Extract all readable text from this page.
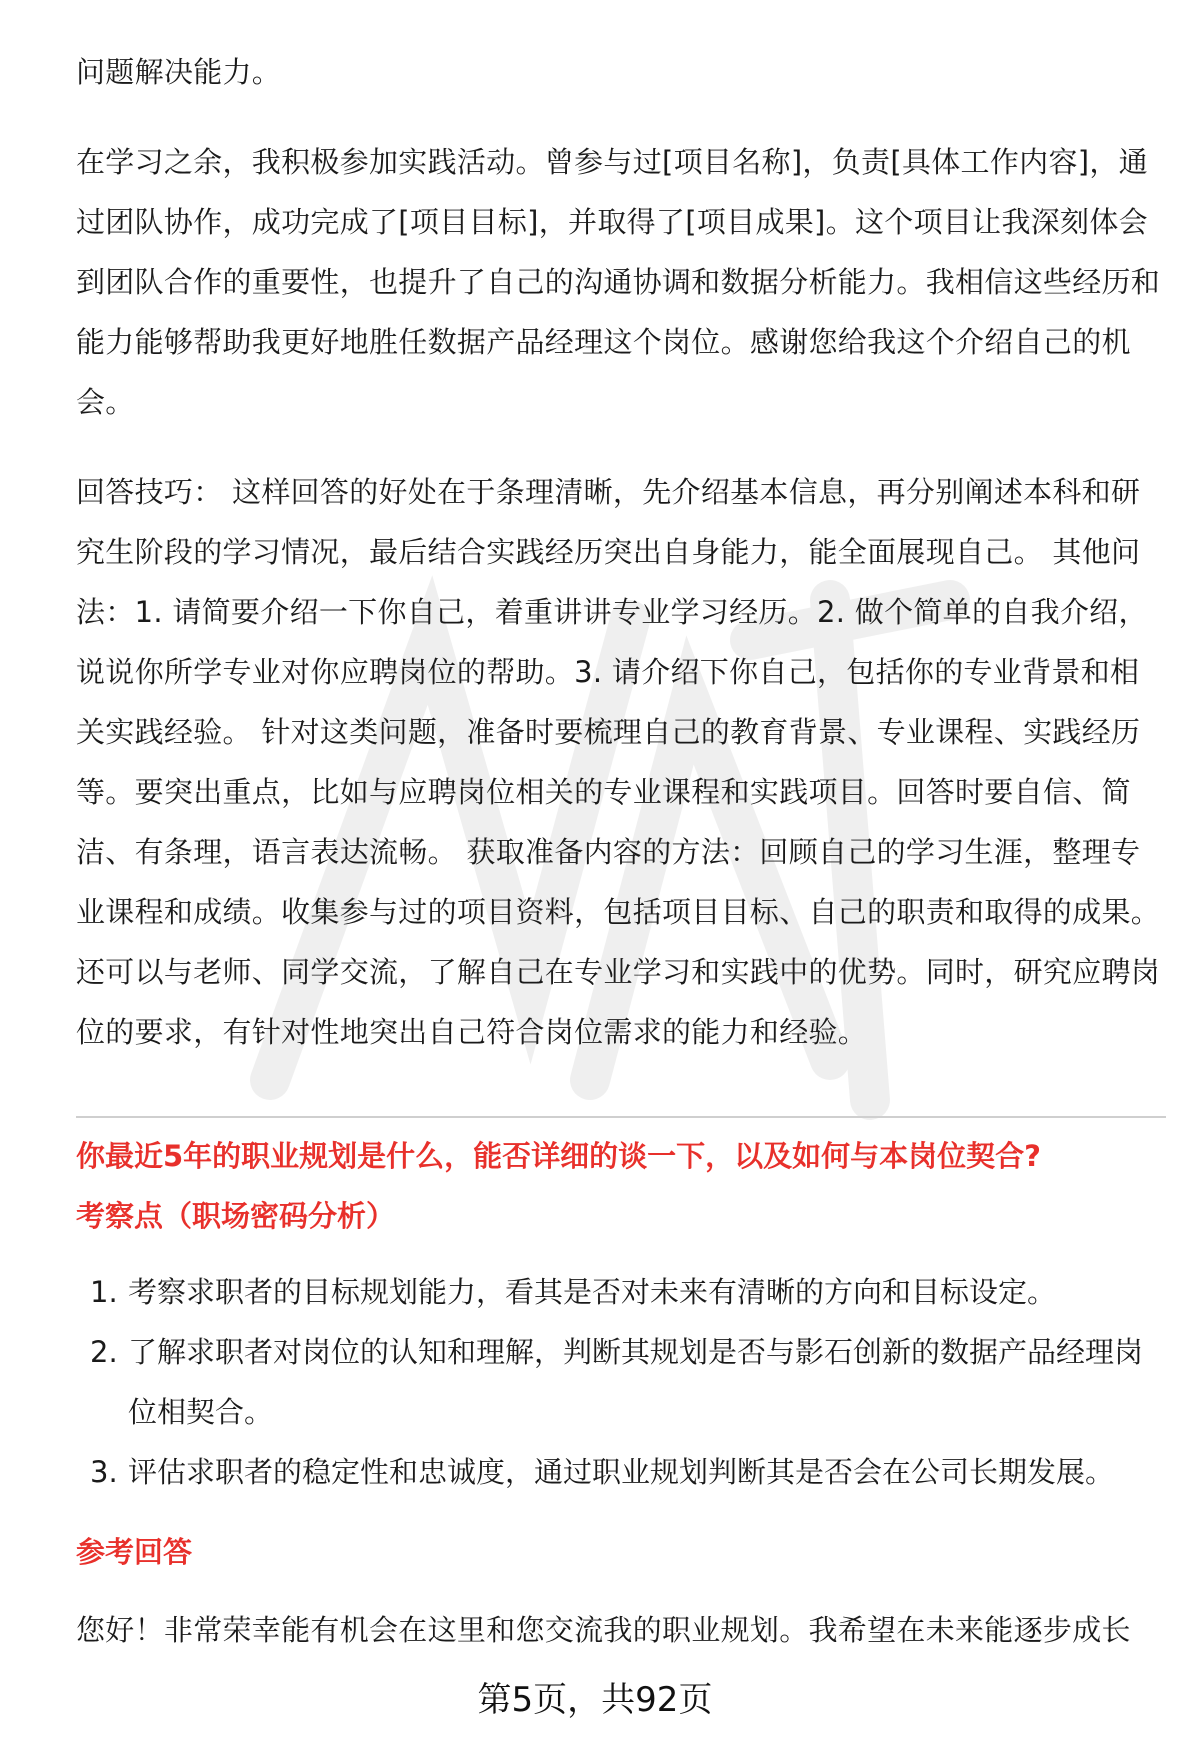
问题解决能力。

在学习之余，我积极参加实践活动。曾参与过[项目名称]，负责[具体工作内容]，通过团队协作，成功完成了[项目目标]，并取得了[项目成果]。这个项目让我深刻体会到团队合作的重要性，也提升了自己的沟通协调和数据分析能力。我相信这些经历和能力能够帮助我更好地胜任数据产品经理这个岗位。感谢您给我这个介绍自己的机会。

回答技巧： 这样回答的好处在于条理清晰，先介绍基本信息，再分别阐述本科和研究生阶段的学习情况，最后结合实践经历突出自身能力，能全面展现自己。 其他问法：1. 请简要介绍一下你自己，着重讲讲专业学习经历。2. 做个简单的自我介绍，说说你所学专业对你应聘岗位的帮助。3. 请介绍下你自己，包括你的专业背景和相关实践经验。 针对这类问题，准备时要梳理自己的教育背景、专业课程、实践经历等。要突出重点，比如与应聘岗位相关的专业课程和实践项目。回答时要自信、简洁、有条理，语言表达流畅。 获取准备内容的方法：回顾自己的学习生涯，整理专业课程和成绩。收集参与过的项目资料，包括项目目标、自己的职责和取得的成果。还可以与老师、同学交流，了解自己在专业学习和实践中的优势。同时，研究应聘岗位的要求，有针对性地突出自己符合岗位需求的能力和经验。

你最近5年的职业规划是什么，能否详细的谈一下，以及如何与本岗位契合?

考察点（职场密码分析）

1. 考察求职者的目标规划能力，看其是否对未来有清晰的方向和目标设定。
2. 了解求职者对岗位的认知和理解，判断其规划是否与影石创新的数据产品经理岗位相契合。
3. 评估求职者的稳定性和忠诚度，通过职业规划判断其是否会在公司长期发展。

参考回答

您好！非常荣幸能有机会在这里和您交流我的职业规划。我希望在未来能逐步成长

第5页，共92页
